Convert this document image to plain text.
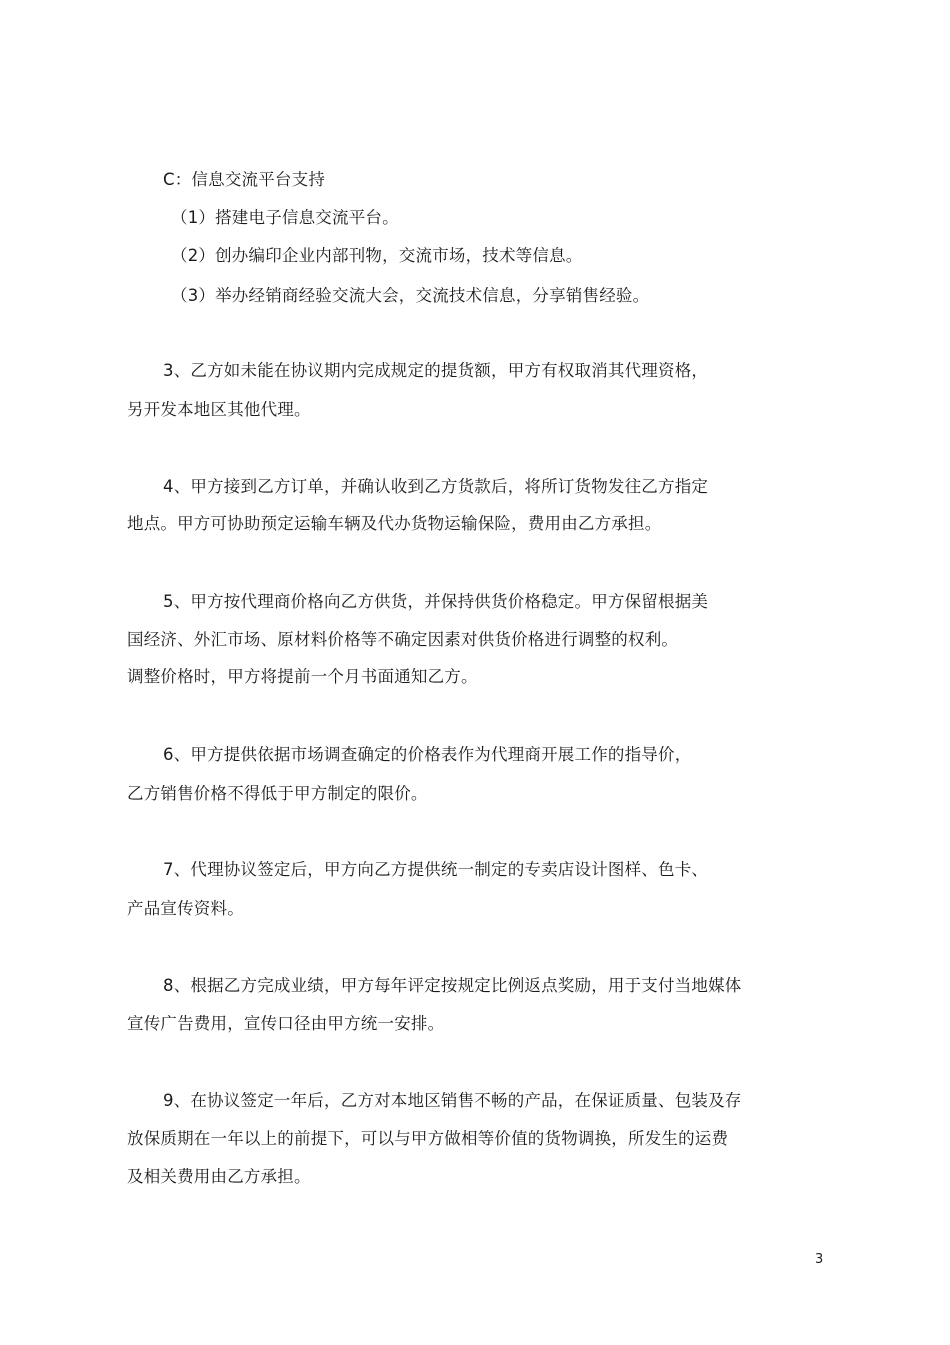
C：信息交流平台支持
（1）搭建电子信息交流平台。
（2）创办编印企业内部刊物，交流市场，技术等信息。
（3）举办经销商经验交流大会，交流技术信息，分享销售经验。
3、乙方如未能在协议期内完成规定的提货额，甲方有权取消其代理资格，
另开发本地区其他代理。
4、甲方接到乙方订单，并确认收到乙方货款后，将所订货物发往乙方指定
地点。甲方可协助预定运输车辆及代办货物运输保险，费用由乙方承担。
5、甲方按代理商价格向乙方供货，并保持供货价格稳定。甲方保留根据美
国经济、外汇市场、原材料价格等不确定因素对供货价格进行调整的权利。
调整价格时，甲方将提前一个月书面通知乙方。
6、甲方提供依据市场调查确定的价格表作为代理商开展工作的指导价，
乙方销售价格不得低于甲方制定的限价。
7、代理协议签定后，甲方向乙方提供统一制定的专卖店设计图样、色卡、
产品宣传资料。
8、根据乙方完成业绩，甲方每年评定按规定比例返点奖励，用于支付当地媒体
宣传广告费用，宣传口径由甲方统一安排。
9、在协议签定一年后，乙方对本地区销售不畅的产品，在保证质量、包装及存
放保质期在一年以上的前提下，可以与甲方做相等价值的货物调换，所发生的运费
及相关费用由乙方承担。
3
